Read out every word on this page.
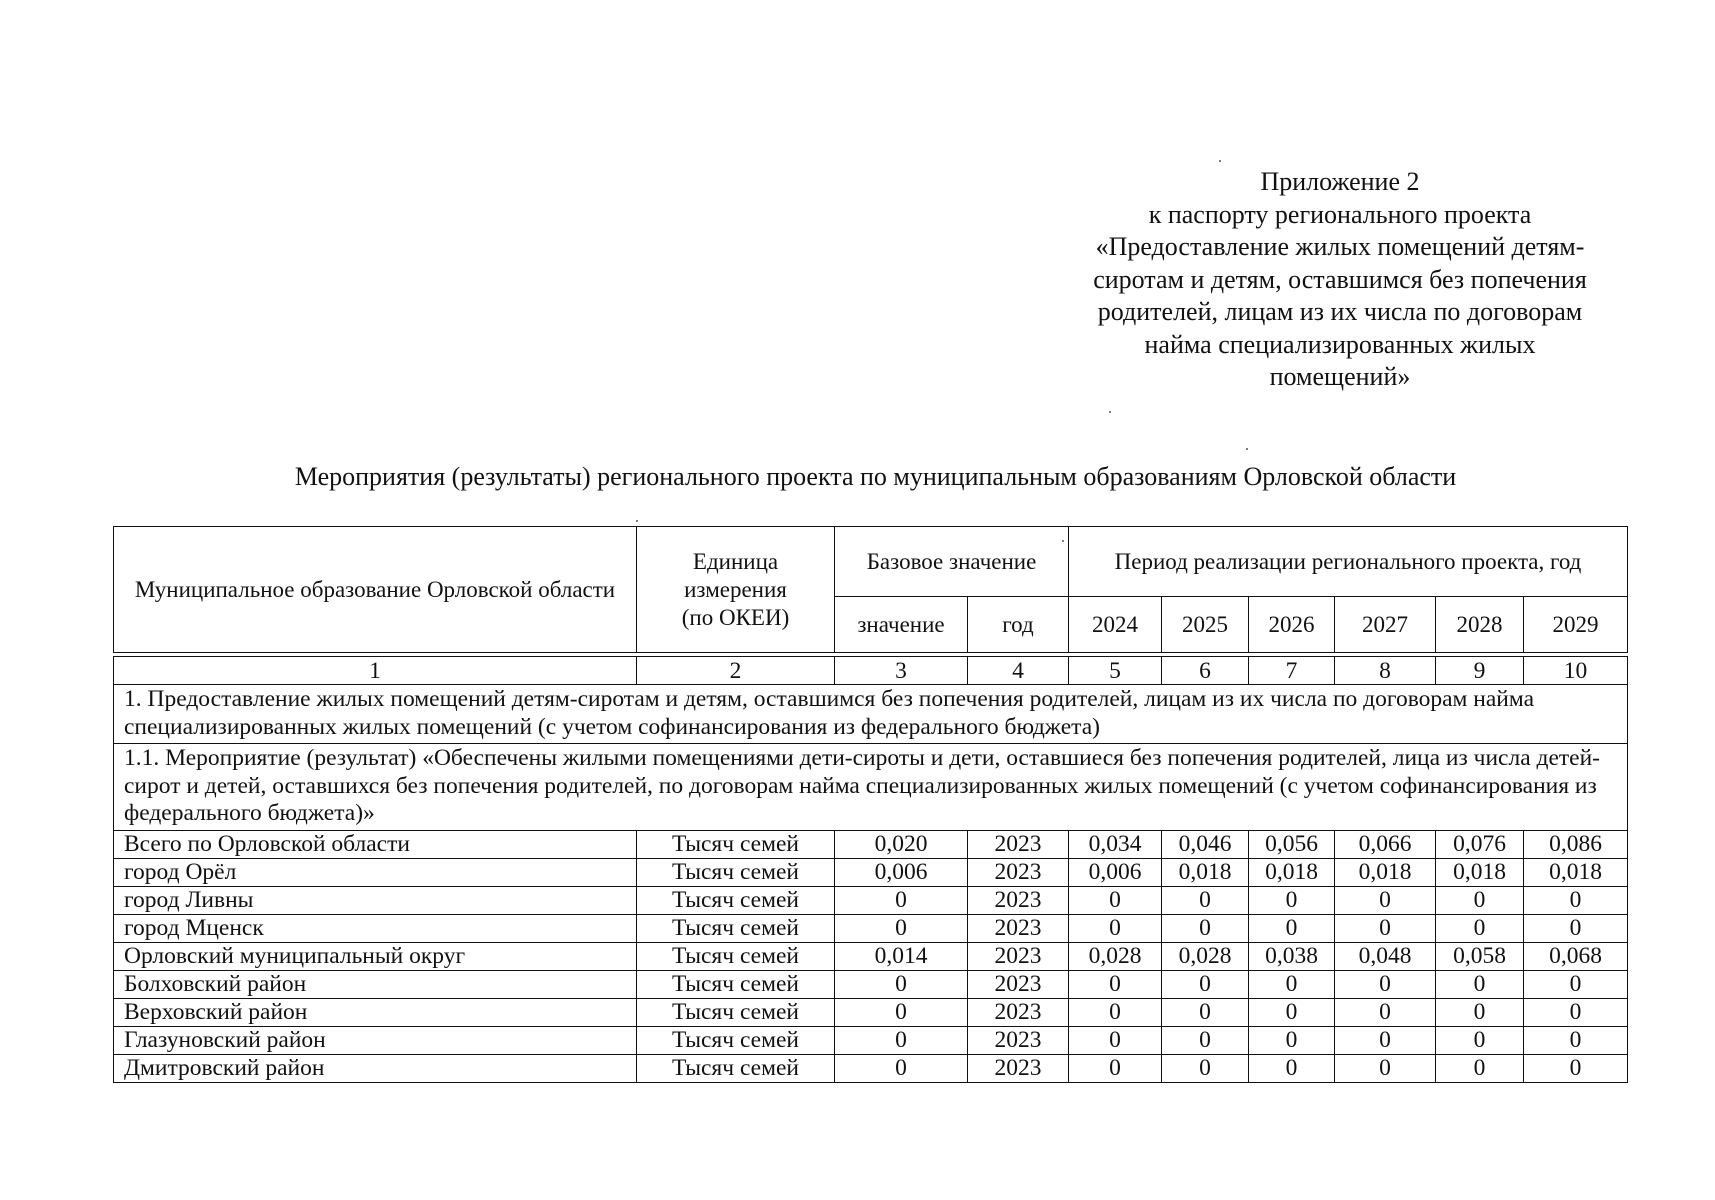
Приложение 2
к паспорту регионального проекта
«Предоставление жилых помещений детям-
сиротам и детям, оставшимся без попечения
родителей, лицам из их числа по договорам
найма специализированных жилых
помещений»
Мероприятия (результаты) регионального проекта по муниципальным образованиям Орловской области
Муниципальное образование Орловской области	Единица измерения (по ОКЕИ)	Базовое значение		Период реализации регионального проекта, год					
		значение	год	2024	2025	2026	2027	2028	2029
1	2	3	4	5	6	7	8	9	10
1. Предоставление жилых помещений детям-сиротам и детям, оставшимся без попечения родителей, лицам из их числа по договорам найма специализированных жилых помещений (с учетом софинансирования из федерального бюджета)									
1.1. Мероприятие (результат) «Обеспечены жилыми помещениями дети-сироты и дети, оставшиеся без попечения родителей, лица из числа детей-сирот и детей, оставшихся без попечения родителей, по договорам найма специализированных жилых помещений (с учетом софинансирования из федерального бюджета)»									
Всего по Орловской области	Тысяч семей	0,020	2023	0,034	0,046	0,056	0,066	0,076	0,086
город Орёл	Тысяч семей	0,006	2023	0,006	0,018	0,018	0,018	0,018	0,018
город Ливны	Тысяч семей	0	2023	0	0	0	0	0	0
город Мценск	Тысяч семей	0	2023	0	0	0	0	0	0
Орловский муниципальный округ	Тысяч семей	0,014	2023	0,028	0,028	0,038	0,048	0,058	0,068
Болховский район	Тысяч семей	0	2023	0	0	0	0	0	0
Верховский район	Тысяч семей	0	2023	0	0	0	0	0	0
Глазуновский район	Тысяч семей	0	2023	0	0	0	0	0	0
Дмитровский район	Тысяч семей	0	2023	0	0	0	0	0	0
